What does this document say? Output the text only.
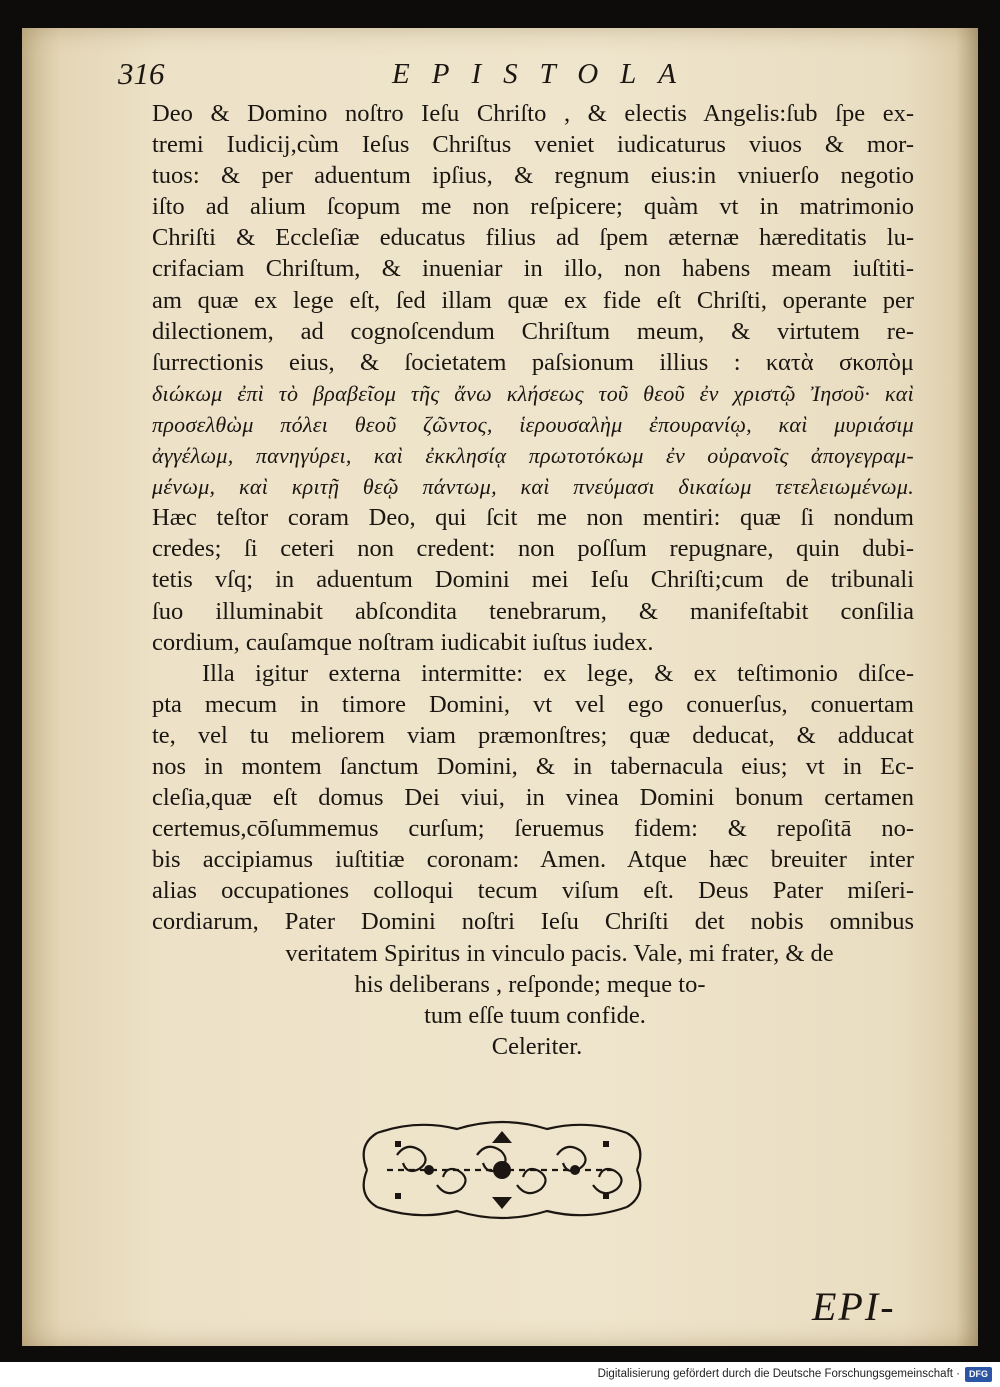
316	EPISTOLA
Deo & Domino noſtro Ieſu Chriſto , & electis Angelis:ſub ſpe ex-
tremi Iudicij,cùm Ieſus Chriſtus veniet iudicaturus viuos & mor-
tuos: & per aduentum ipſius, & regnum eius:in vniuerſo negotio
iſto ad alium ſcopum me non reſpicere; quàm vt in matrimonio
Chriſti & Eccleſiæ educatus filius ad ſpem æternæ hæreditatis lu-
crifaciam Chriſtum, & inueniar in illo, non habens meam iuſtiti-
am quæ ex lege eſt, ſed illam quæ ex fide eſt Chriſti, operante per
dilectionem, ad cognoſcendum Chriſtum meum, & virtutem re-
ſurrectionis eius, & ſocietatem paſsionum illius : κατὰ σκοπὸμ
διώκωμ ἐπὶ τὸ βραβεῖομ τῆς ἄνω κλήσεως τοῦ θεοῦ ἐν χριστῷ Ἰησοῦ· καὶ
προσελθὼμ πόλει θεοῦ ζῶντος, ἱερουσαλὴμ ἐπουρανίῳ, καὶ μυριάσιμ
ἀγγέλωμ, πανηγύρει, καὶ ἐκκλησίᾳ πρωτοτόκωμ ἐν οὐρανοῖς ἀπογεγραμ-
μένωμ, καὶ κριτῇ θεῷ πάντωμ, καὶ πνεύμασι δικαίωμ τετελειωμένωμ.
Hæc teſtor coram Deo, qui ſcit me non mentiri: quæ ſi nondum
credes; ſi ceteri non credent: non poſſum repugnare, quin dubi-
tetis vſq; in aduentum Domini mei Ieſu Chriſti;cum de tribunali
ſuo illuminabit abſcondita tenebrarum, & manifeſtabit conſilia
cordium, cauſamque noſtram iudicabit iuſtus iudex.
Illa igitur externa intermitte: ex lege, & ex teſtimonio diſce-
pta mecum in timore Domini, vt vel ego conuerſus, conuertam
te, vel tu meliorem viam præmonſtres; quæ deducat, & adducat
nos in montem ſanctum Domini, & in tabernacula eius; vt in Ec-
cleſia,quæ eſt domus Dei viui, in vinea Domini bonum certamen
certemus,cōſummemus curſum; ſeruemus fidem: & repoſitā no-
bis accipiamus iuſtitiæ coronam: Amen. Atque hæc breuiter inter
alias occupationes colloqui tecum viſum eſt. Deus Pater miſeri-
cordiarum, Pater Domini noſtri Ieſu Chriſti det nobis omnibus
veritatem Spiritus in vinculo pacis. Vale, mi frater, & de
his deliberans , reſponde; meque to-
tum eſſe tuum confide.
Celeriter.
EPI-
Digitalisierung gefördert durch die Deutsche Forschungsgemeinschaft ·	DFG
